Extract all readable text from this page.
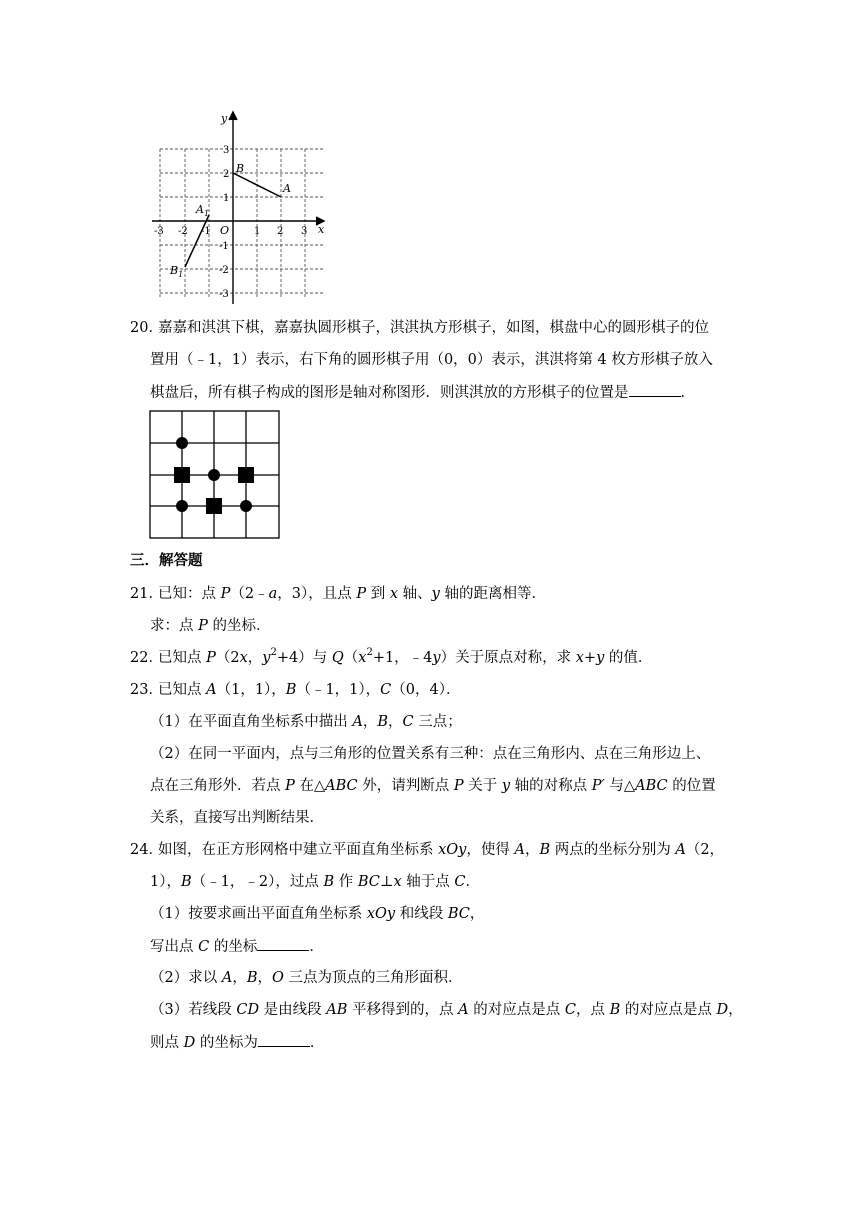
x
y
O
B
A
$A_1$
$B_1$
-3 -2 -1	1 2 3
3
2
1
-1
-2
-3
20．
嘉嘉和淇淇下棋，嘉嘉执圆形棋子，淇淇执方形棋子，如图，棋盘中心的圆形棋子的位
置用（﹣1，1）表示，右下角的圆形棋子用（0，0）表示，淇淇将第 4 枚方形棋子放入
棋盘后，所有棋子构成的图形是轴对称图形．则淇淇放的方形棋子的位置是	．
三．解答题
21．
已知：点 P（2﹣a，3），且点 P 到 x 轴、y 轴的距离相等．
求：点 P 的坐标．
22．
已知点 P（2x，$y^2+4$）与 $Q(x^2+1$，﹣4y）关于原点对称，求 x+y 的值．
23．
已知点 A（1，1），B（﹣1，1），C（0，4）．
（1）在平面直角坐标系中描出 A，B，C 三点；
（2）在同一平面内，点与三角形的位置关系有三种：点在三角形内、点在三角形边上、
点在三角形外．若点 P 在△ABC 外，请判断点 P 关于 y 轴的对称点 P′ 与△ABC 的位置
关系，直接写出判断结果．
24．
如图，在正方形网格中建立平面直角坐标系 xOy，使得 A，B 两点的坐标分别为 A（2，
1），B（﹣1，﹣2），过点 B 作 BC⊥x 轴于点 C．
（1）按要求画出平面直角坐标系 xOy 和线段 BC，
写出点 C 的坐标	．
（2）求以 A，B，O 三点为顶点的三角形面积．
（3）若线段 CD 是由线段 AB 平移得到的，点 A 的对应点是点 C，点 B 的对应点是点 D，
则点 D 的坐标为	．
